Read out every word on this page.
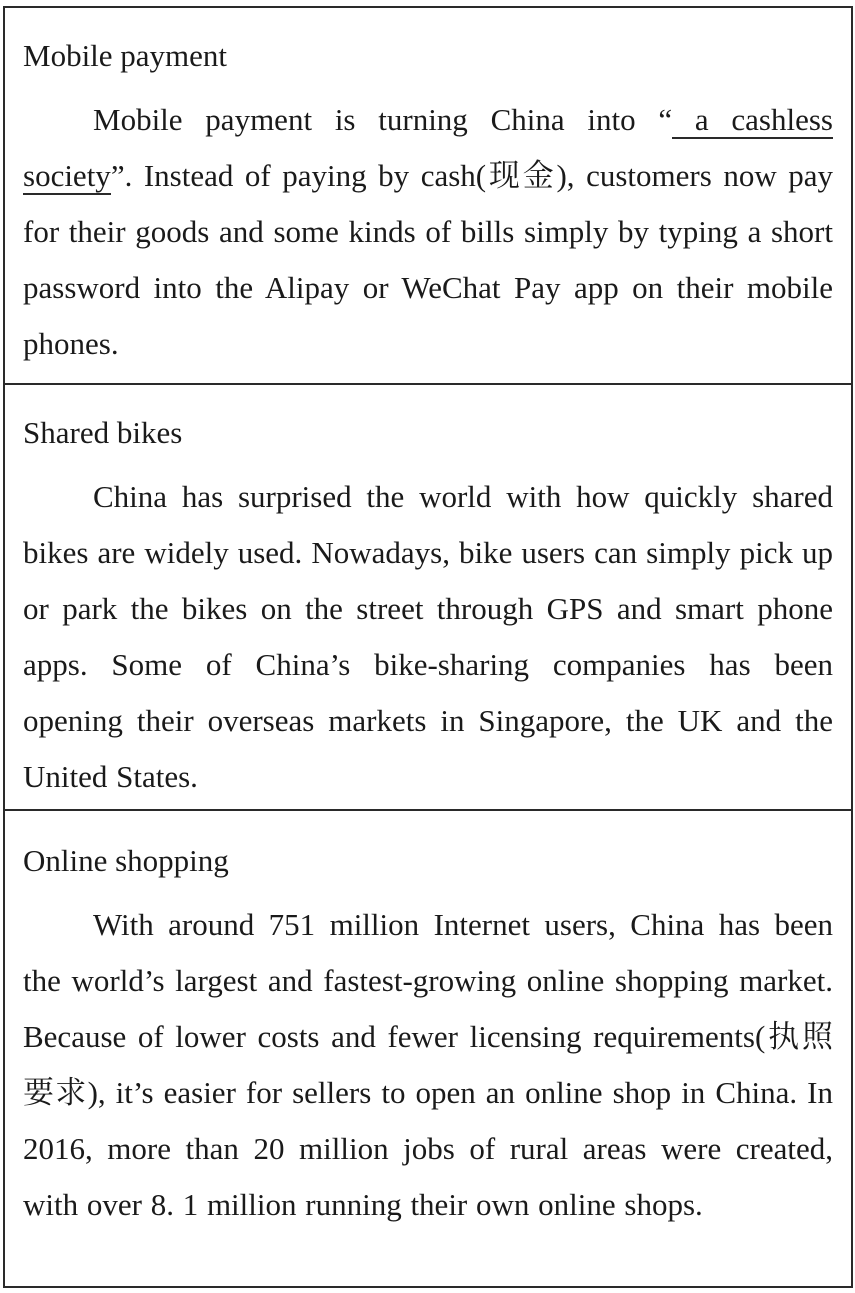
Mobile payment

Mobile payment is turning China into “ a cashless society”. Instead of paying by cash(现金), customers now pay for their goods and some kinds of bills simply by typing a short password into the Alipay or WeChat Pay app on their mobile phones.

Shared bikes

China has surprised the world with how quickly shared bikes are widely used. Nowadays, bike users can simply pick up or park the bikes on the street through GPS and smart phone apps. Some of China’s bike-sharing companies has been opening their overseas markets in Singapore, the UK and the United States.

Online shopping

With around 751 million Internet users, China has been the world’s largest and fastest-growing online shopping market. Because of lower costs and fewer licensing requirements(执照要求), it’s easier for sellers to open an online shop in China. In 2016, more than 20 million jobs of rural areas were created, with over 8. 1 million running their own online shops.
